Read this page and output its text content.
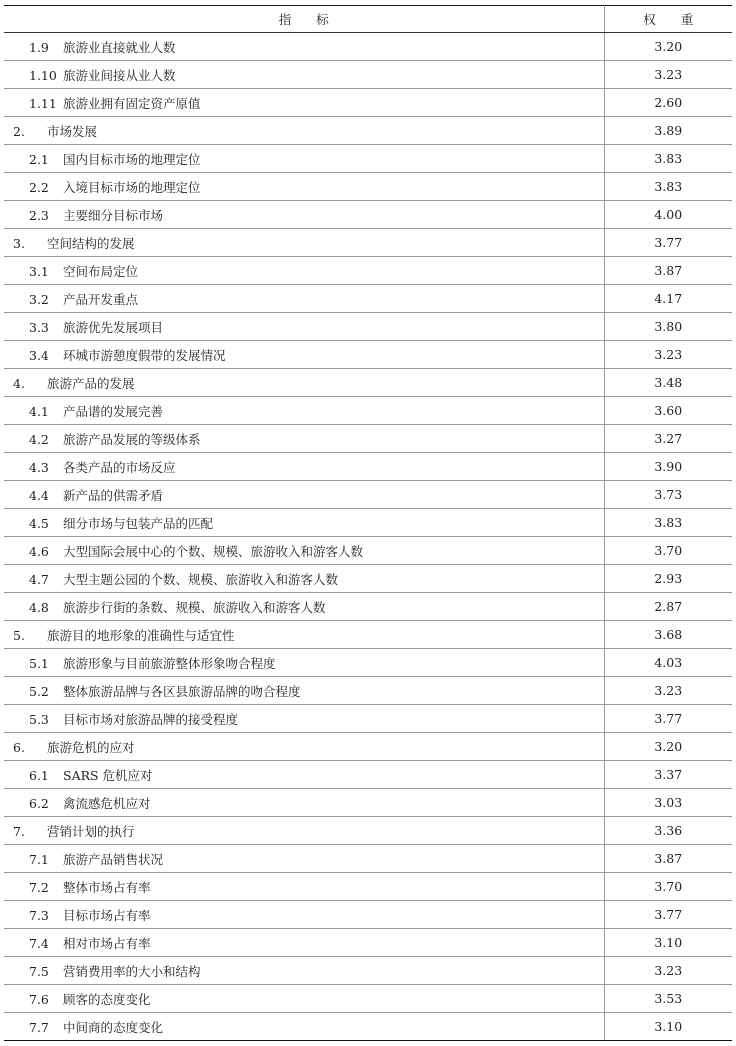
指　　标	权　　重
1.9 旅游业直接就业人数	3.20
1.10 旅游业间接从业人数	3.23
1.11 旅游业拥有固定资产原值	2.60
2. 市场发展	3.89
2.1 国内目标市场的地理定位	3.83
2.2 入境目标市场的地理定位	3.83
2.3 主要细分目标市场	4.00
3. 空间结构的发展	3.77
3.1 空间布局定位	3.87
3.2 产品开发重点	4.17
3.3 旅游优先发展项目	3.80
3.4 环城市游憩度假带的发展情况	3.23
4. 旅游产品的发展	3.48
4.1 产品谱的发展完善	3.60
4.2 旅游产品发展的等级体系	3.27
4.3 各类产品的市场反应	3.90
4.4 新产品的供需矛盾	3.73
4.5 细分市场与包装产品的匹配	3.83
4.6 大型国际会展中心的个数、规模、旅游收入和游客人数	3.70
4.7 大型主题公园的个数、规模、旅游收入和游客人数	2.93
4.8 旅游步行街的条数、规模、旅游收入和游客人数	2.87
5. 旅游目的地形象的准确性与适宜性	3.68
5.1 旅游形象与目前旅游整体形象吻合程度	4.03
5.2 整体旅游品牌与各区县旅游品牌的吻合程度	3.23
5.3 目标市场对旅游品牌的接受程度	3.77
6. 旅游危机的应对	3.20
6.1 SARS 危机应对	3.37
6.2 禽流感危机应对	3.03
7. 营销计划的执行	3.36
7.1 旅游产品销售状况	3.87
7.2 整体市场占有率	3.70
7.3 目标市场占有率	3.77
7.4 相对市场占有率	3.10
7.5 营销费用率的大小和结构	3.23
7.6 顾客的态度变化	3.53
7.7 中间商的态度变化	3.10
